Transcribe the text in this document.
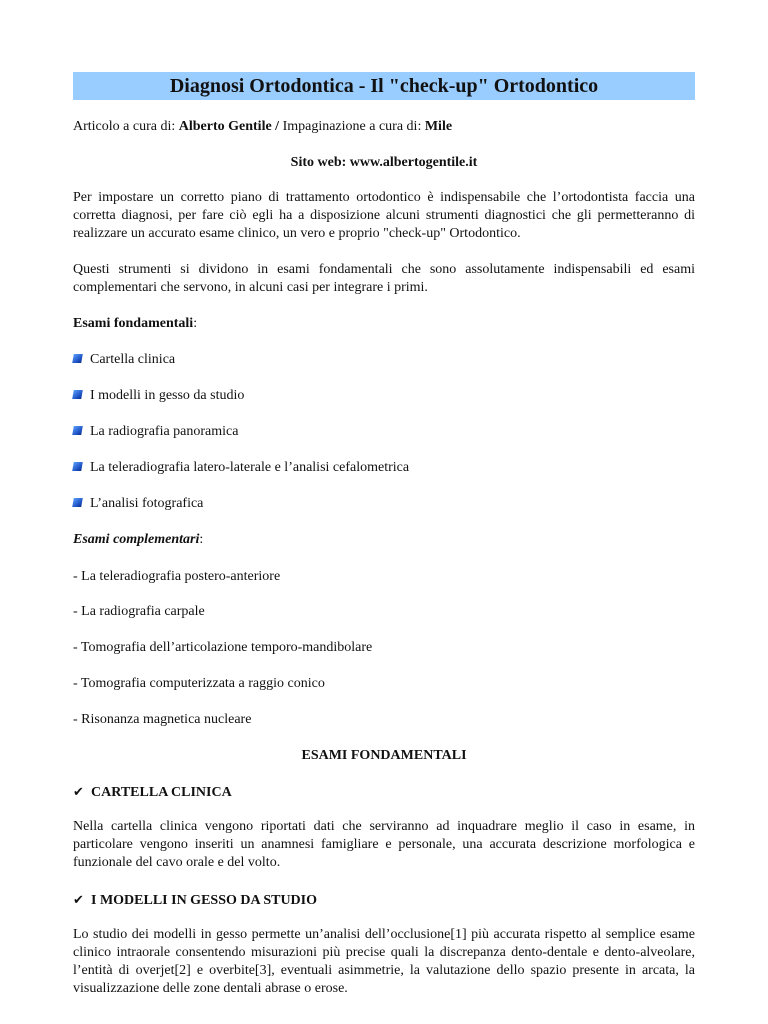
Diagnosi Ortodontica - Il "check-up" Ortodontico
Articolo a cura di: Alberto Gentile / Impaginazione a cura di: Mile
Sito web: www.albertogentile.it
Per impostare un corretto piano di trattamento ortodontico è indispensabile che l’ortodontista faccia una corretta diagnosi, per fare ciò egli ha a disposizione alcuni strumenti diagnostici che gli permetteranno di realizzare un accurato esame clinico, un vero e proprio "check-up" Ortodontico.
Questi strumenti si dividono in esami fondamentali che sono assolutamente indispensabili ed esami complementari che servono, in alcuni casi per integrare i primi.
Esami fondamentali:
Cartella clinica
I modelli in gesso da studio
La radiografia panoramica
La teleradiografia latero-laterale e l’analisi cefalometrica
L’analisi fotografica
Esami complementari:
- La teleradiografia postero-anteriore
- La radiografia carpale
- Tomografia dell’articolazione temporo-mandibolare
- Tomografia computerizzata a raggio conico
- Risonanza magnetica nucleare
ESAMI FONDAMENTALI
✔ CARTELLA CLINICA
Nella cartella clinica vengono riportati dati che serviranno ad inquadrare meglio il caso in esame, in particolare vengono inseriti un anamnesi famigliare e personale, una accurata descrizione morfologica e funzionale del cavo orale e del volto.
✔ I MODELLI IN GESSO DA STUDIO
Lo studio dei modelli in gesso permette un’analisi dell’occlusione[1] più accurata rispetto al semplice esame clinico intraorale consentendo misurazioni più precise quali la discrepanza dento-dentale e dento-alveolare, l’entità di overjet[2] e overbite[3], eventuali asimmetrie, la valutazione dello spazio presente in arcata, la visualizzazione delle zone dentali abrase o erose.
